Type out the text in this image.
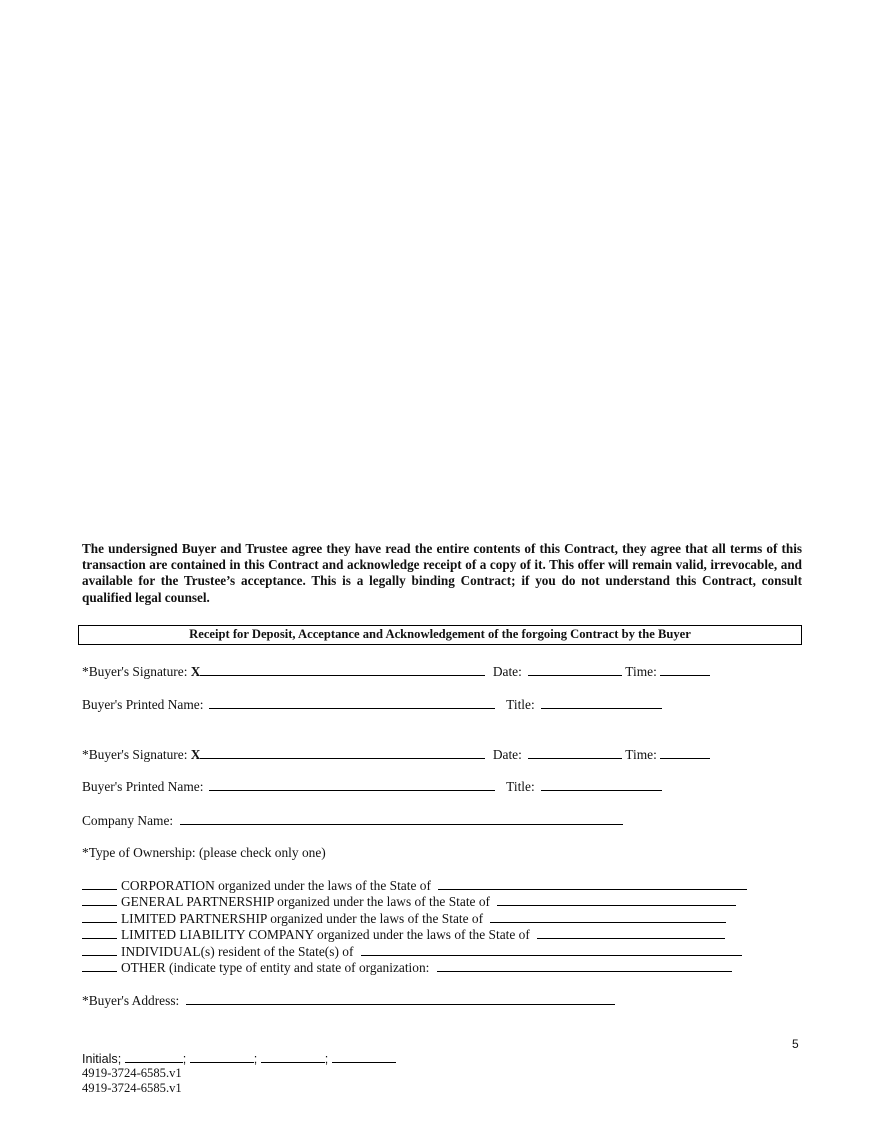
The undersigned Buyer and Trustee agree they have read the entire contents of this Contract, they agree that all terms of this transaction are contained in this Contract and acknowledge receipt of a copy of it. This offer will remain valid, irrevocable, and available for the Trustee’s acceptance. This is a legally binding Contract; if you do not understand this Contract, consult qualified legal counsel.
Receipt for Deposit, Acceptance and Acknowledgement of the forgoing Contract by the Buyer
*Buyer's Signature: X	Date:	Time:
Buyer's Printed Name:	Title:
*Buyer's Signature: X	Date:	Time:
Buyer's Printed Name:	Title:
Company Name:
*Type of Ownership: (please check only one)
CORPORATION organized under the laws of the State of
GENERAL PARTNERSHIP organized under the laws of the State of
LIMITED PARTNERSHIP organized under the laws of the State of
LIMITED LIABILITY COMPANY organized under the laws of the State of
INDIVIDUAL(s) resident of the State(s) of
OTHER (indicate type of entity and state of organization:
*Buyer's Address:
5
Initials;	;	;	;
4919-3724-6585.v1
4919-3724-6585.v1
